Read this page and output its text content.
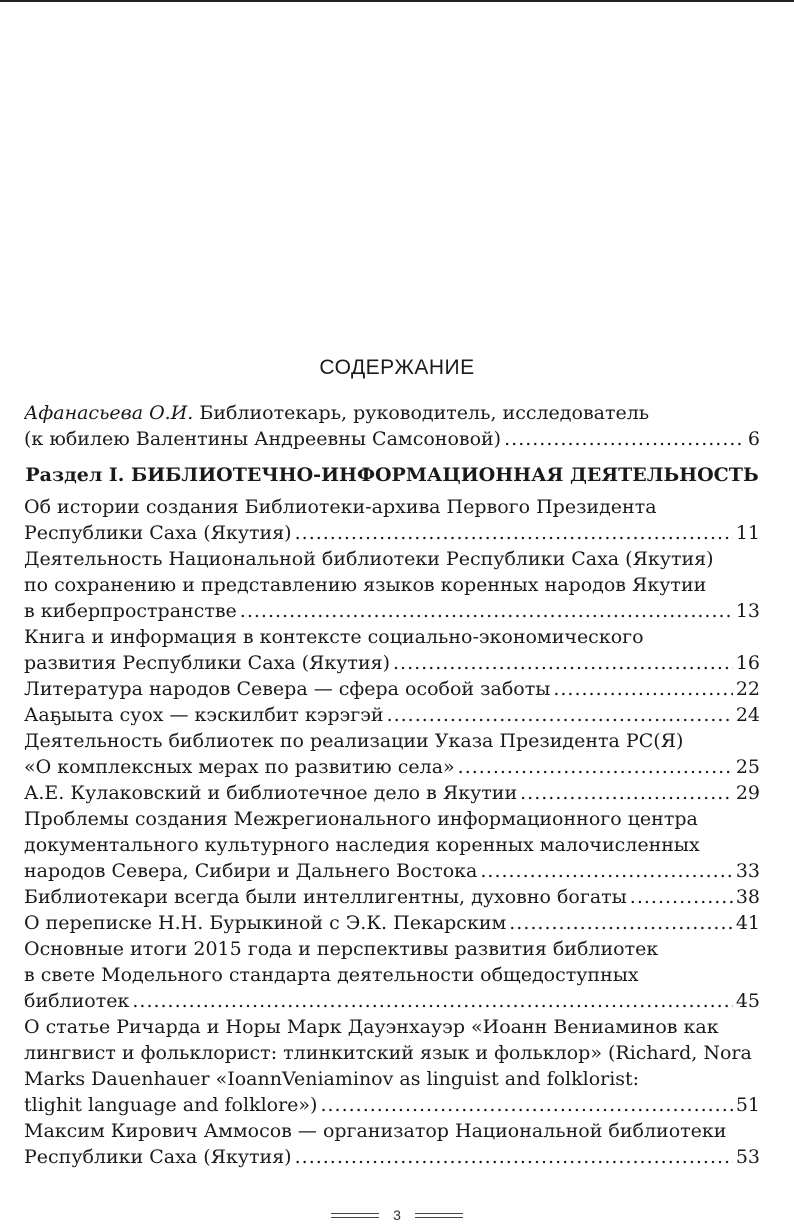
СОДЕРЖАНИЕ
Афанасьева О.И. Библиотекарь, руководитель, исследователь
(к юбилею Валентины Андреевны Самсоновой) .....	6
Раздел I. БИБЛИОТЕЧНО-ИНФОРМАЦИОННАЯ ДЕЯТЕЛЬНОСТЬ
Об истории создания Библиотеки-архива Первого Президента
Республики Саха (Якутия) .....	11
Деятельность Национальной библиотеки Республики Саха (Якутия)
по сохранению и представлению языков коренных народов Якутии
в киберпространстве .....	13
Книга и информация в контексте социально-экономического
развития Республики Саха (Якутия) .....	16
Литература народов Севера — сфера особой заботы .....	22
Ааҕыыта суох — кэскилбит кэрэгэй .....	24
Деятельность библиотек по реализации Указа Президента РС(Я)
«О комплексных мерах по развитию села» .....	25
А.Е. Кулаковский и библиотечное дело в Якутии .....	29
Проблемы создания Межрегионального информационного центра
документального культурного наследия коренных малочисленных
народов Севера, Сибири и Дальнего Востока .....	33
Библиотекари всегда были интеллигентны, духовно богаты .....	38
О переписке Н.Н. Бурыкиной с Э.К. Пекарским .....	41
Основные итоги 2015 года и перспективы развития библиотек
в свете Модельного стандарта деятельности общедоступных
библиотек .....	45
О статье Ричарда и Норы Марк Дауэнхауэр «Иоанн Вениаминов как
лингвист и фольклорист: тлинкитский язык и фольклор» (Richard, Nora
Marks Dauenhauer «IoannVeniaminov as linguist and folklorist:
tlighit language and folklore») .....	51
Максим Кирович Аммосов — организатор Национальной библиотеки
Республики Саха (Якутия) .....	53
3
